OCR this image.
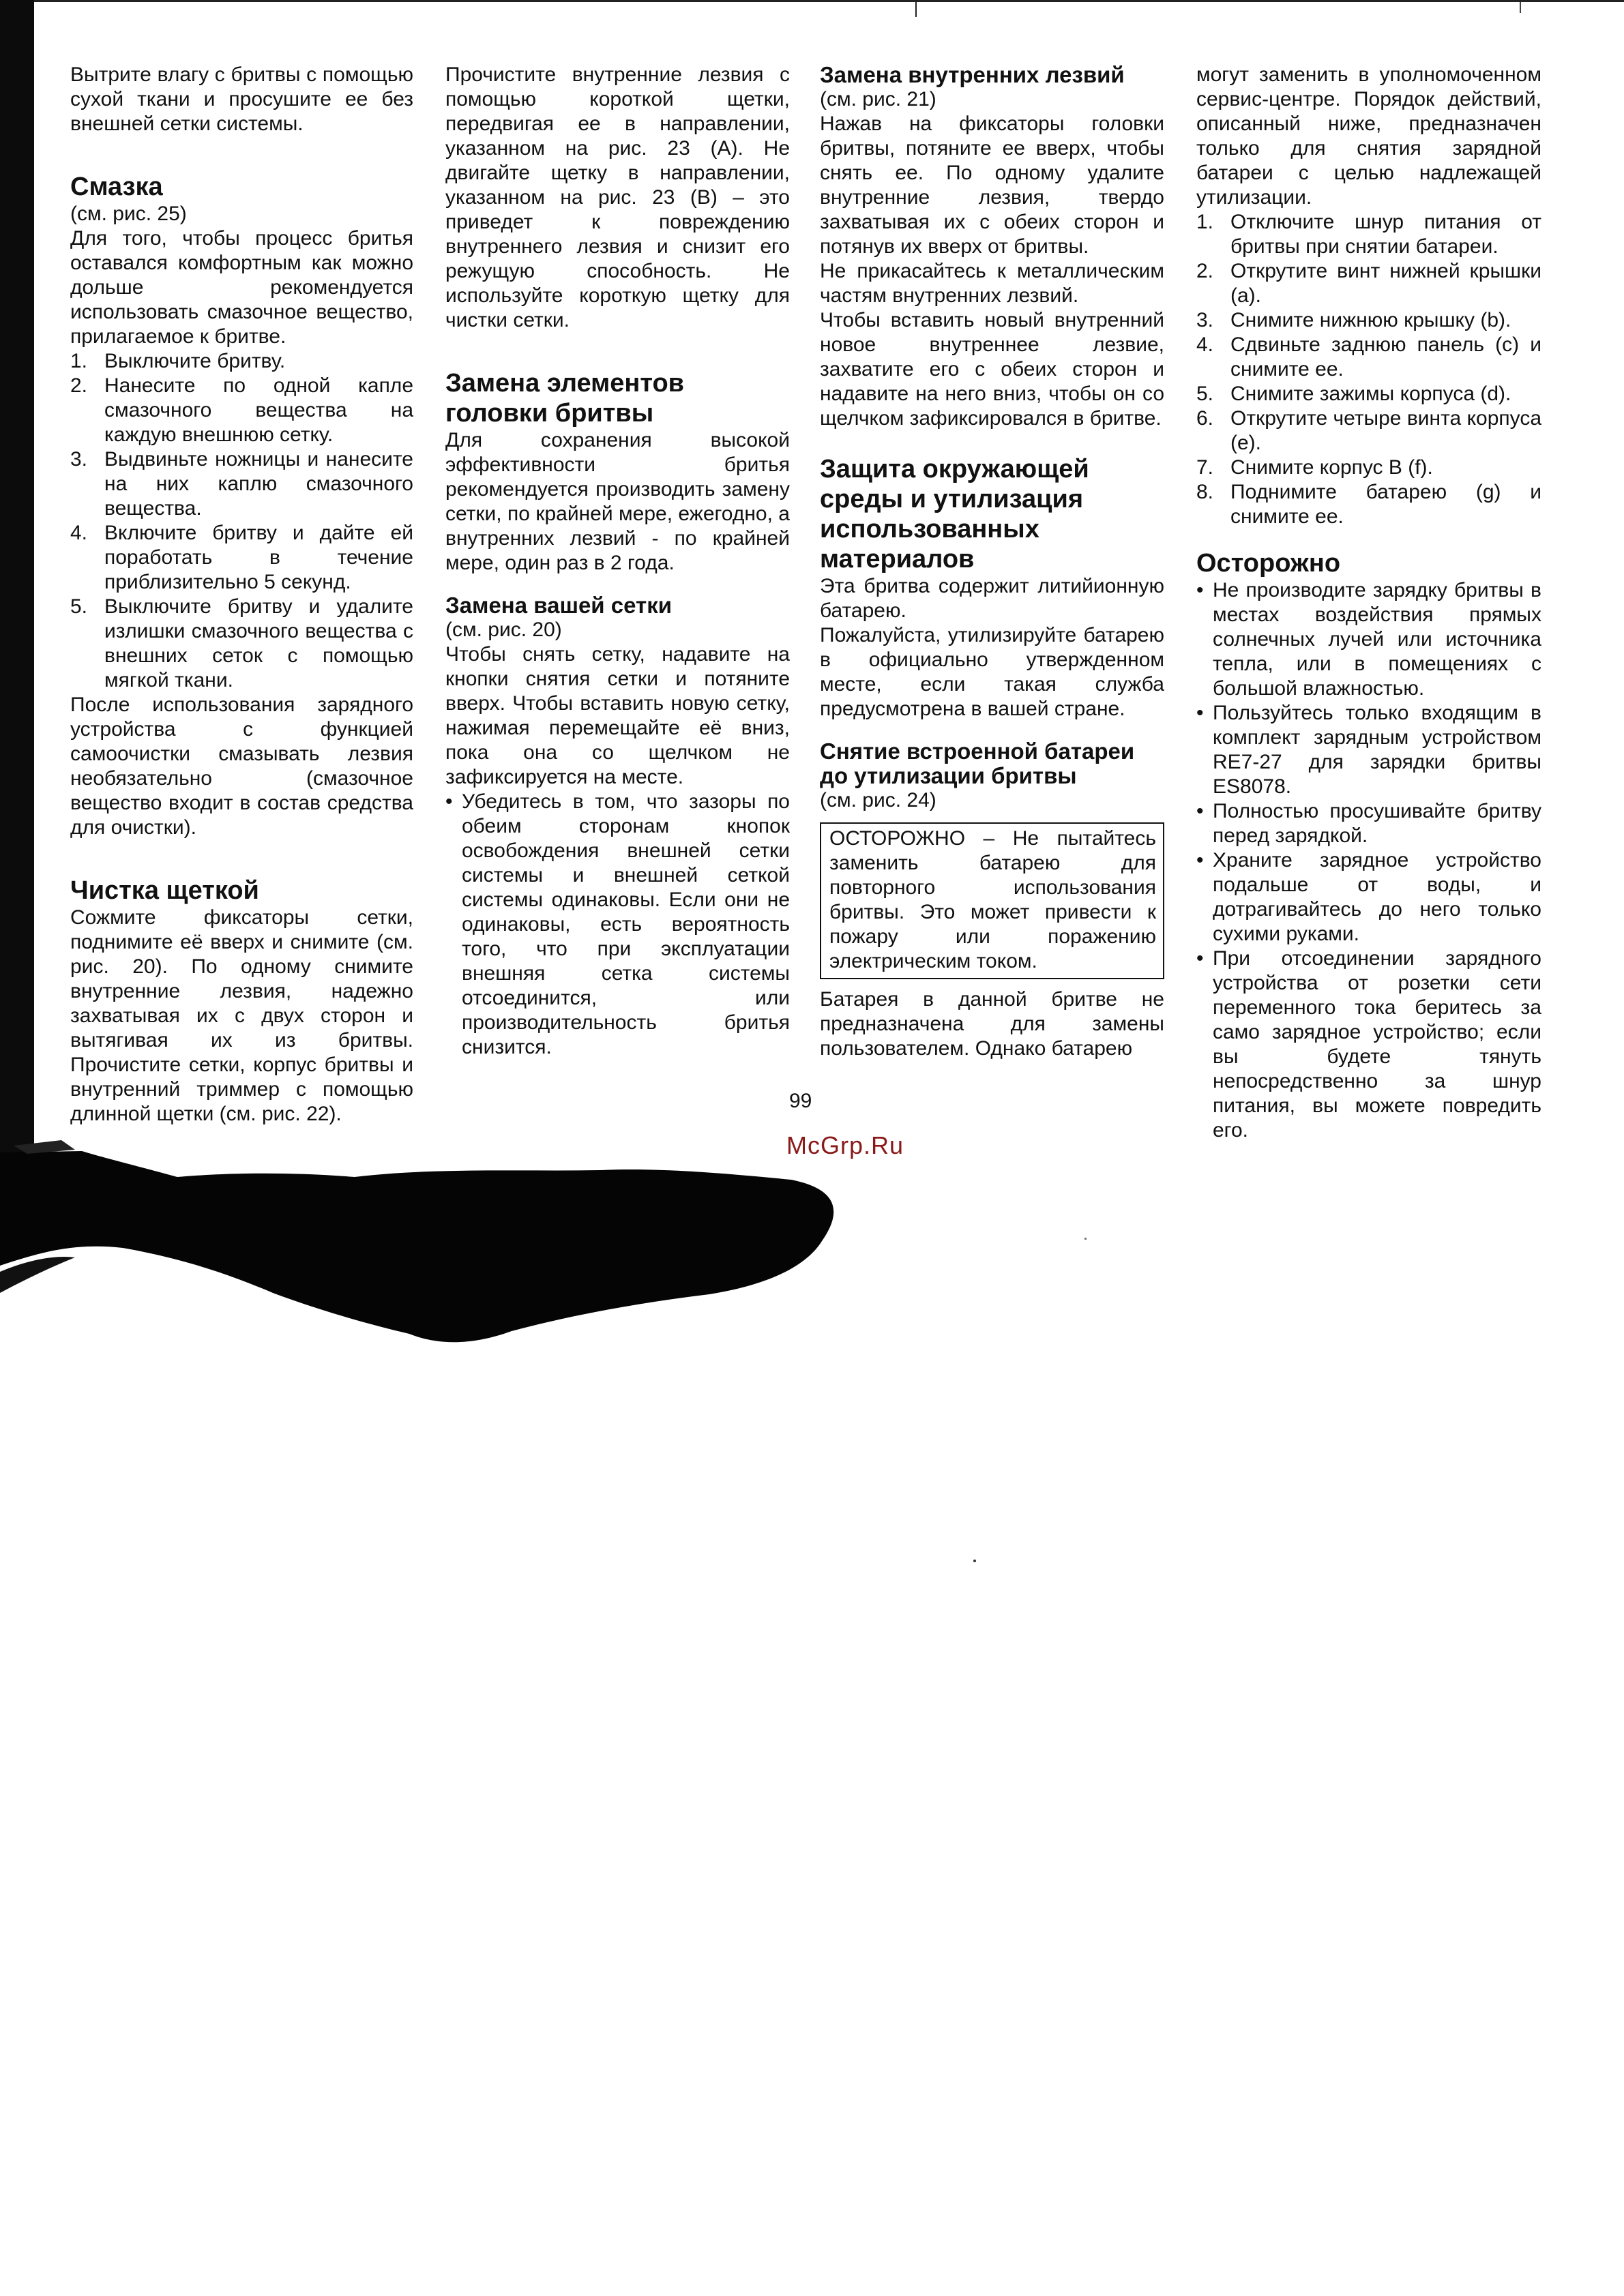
Вытрите влагу с бритвы с помощью сухой ткани и просушите ее без внешней сетки системы.

Смазка

(см. рис. 25)

Для того, чтобы процесс бритья оставался комфортным как можно дольше рекомендуется использовать смазочное вещество, прилагаемое к бритве.

1. Выключите бритву.
2. Нанесите по одной капле смазочного вещества на каждую внешнюю сетку.
3. Выдвиньте ножницы и нанесите на них каплю смазочного вещества.
4. Включите бритву и дайте ей поработать в течение приблизительно 5 секунд.
5. Выключите бритву и удалите излишки смазочного вещества с внешних сеток с помощью мягкой ткани.

После использования зарядного устройства с функцией самоочистки смазывать лезвия необязательно (смазочное вещество входит в состав средства для очистки).

Чистка щеткой

Сожмите фиксаторы сетки, поднимите её вверх и снимите (см. рис. 20). По одному снимите внутренние лезвия, надежно захватывая их с двух сторон и вытягивая их из бритвы. Прочистите сетки, корпус бритвы и внутренний триммер с помощью длинной щетки (см. рис. 22).

Прочистите внутренние лезвия с помощью короткой щетки, передвигая ее в направлении, указанном на рис. 23 (A). Не двигайте щетку в направлении, указанном на рис. 23 (B) – это приведет к повреждению внутреннего лезвия и снизит его режущую способность. Не используйте короткую щетку для чистки сетки.

Замена элементов головки бритвы

Для сохранения высокой эффективности бритья рекомендуется производить замену сетки, по крайней мере, ежегодно, а внутренних лезвий - по крайней мере, один раз в 2 года.

Замена вашей сетки

(см. рис. 20)

Чтобы снять сетку, надавите на кнопки снятия сетки и потяните вверх. Чтобы вставить новую сетку, нажимая перемещайте её вниз, пока она со щелчком не зафиксируется на месте.

• Убедитесь в том, что зазоры по обеим сторонам кнопок освобождения внешней сетки системы и внешней сеткой системы одинаковы. Если они не одинаковы, есть вероятность того, что при эксплуатации внешняя сетка системы отсоединится, или производительность бритья снизится.
Замена внутренних лезвий

(см. рис. 21)

Нажав на фиксаторы головки бритвы, потяните ее вверх, чтобы снять ее. По одному удалите внутренние лезвия, твердо захватывая их с обеих сторон и потянув их вверх от бритвы.

Не прикасайтесь к металлическим частям внутренних лезвий.

Чтобы вставить новый внутренний новое внутреннее лезвие, захватите его с обеих сторон и надавите на него вниз, чтобы он со щелчком зафиксировался в бритве.

Защита окружающей среды и утилизация использованных материалов

Эта бритва содержит литийионную батарею.

Пожалуйста, утилизируйте батарею в официально утвержденном месте, если такая служба предусмотрена в вашей стране.

Снятие встроенной батареи до утилизации бритвы

(см. рис. 24)

ОСТОРОЖНО – Не пытайтесь заменить батарею для повторного использования бритвы. Это может привести к пожару или поражению электрическим током.

Батарея в данной бритве не предназначена для замены пользователем. Однако батарею

могут заменить в уполномоченном сервис-центре. Порядок действий, описанный ниже, предназначен только для снятия зарядной батареи с целью надлежащей утилизации.

1. Отключите шнур питания от бритвы при снятии батареи.
2. Открутите винт нижней крышки (a).
3. Снимите нижнюю крышку (b).
4. Сдвиньте заднюю панель (c) и снимите ее.
5. Снимите зажимы корпуса (d).
6. Открутите четыре винта корпуса (e).
7. Снимите корпус B (f).
8. Поднимите батарею (g) и снимите ее.
Осторожно
• Не производите зарядку бритвы в местах воздействия прямых солнечных лучей или источника тепла, или в помещениях с большой влажностью.
• Пользуйтесь только входящим в комплект зарядным устройством RE7-27 для зарядки бритвы ES8078.
• Полностью просушивайте бритву перед зарядкой.
• Храните зарядное устройство подальше от воды, и дотрагивайтесь до него только сухими руками.
• При отсоединении зарядного устройства от розетки сети переменного тока беритесь за само зарядное устройство; если вы будете тянуть непосредственно за шнур питания, вы можете повредить его.
99
McGrp.Ru
